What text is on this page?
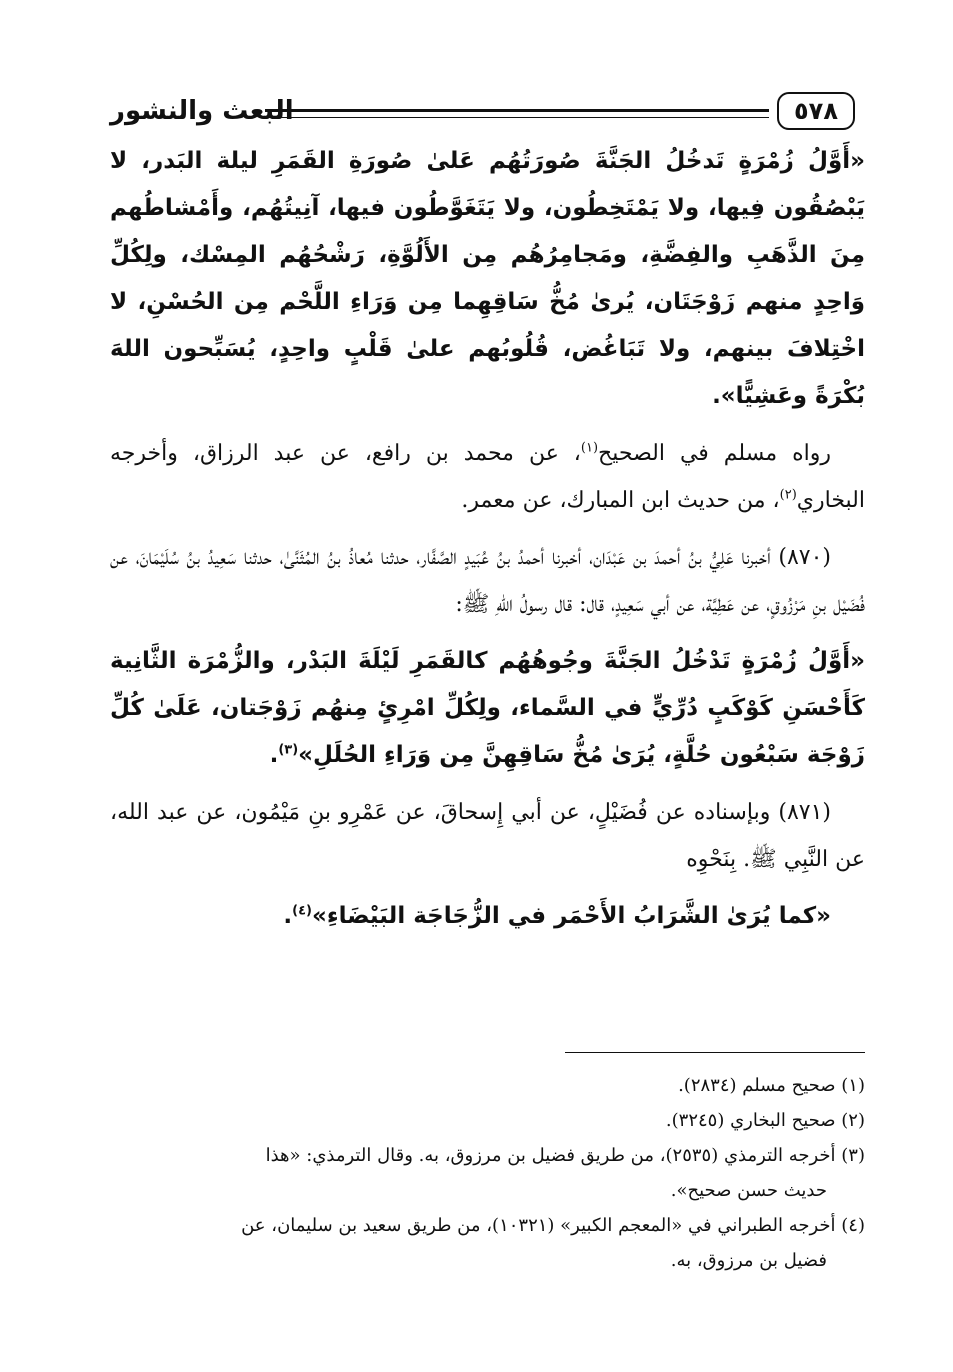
البعث والنشور	٥٧٨

«أَوَّلُ زُمْرَةٍ تَدخُلُ الجَنَّةَ صُورَتُهُم عَلىٰ صُورَةِ القَمَرِ ليلة البَدر، لا يَبْصُقُون فِيها، ولا يَمْتَخِطُون، ولا يَتَغَوَّطُون فيها، آنِيتُهُم، وأَمْشاطُهم مِنَ الذَّهَبِ والفِضَّةِ، ومَجامِرُهُم مِن الأَلُوَّةِ، رَشْحُهُم المِسْك، ولِكُلِّ وَاحِدٍ منهم زَوْجَتَان، يُرىٰ مُخُّ سَاقِهِما مِن وَرَاءِ اللَّحْم مِن الحُسْنِ، لا اخْتِلافَ بينهم، ولا تَبَاغُض، قُلُوبُهم علىٰ قَلْبٍ واحِدٍ، يُسَبِّحون اللهَ بُكْرَةً وعَشِيًّا».

رواه مسلم في الصحيح$^{(١)}$، عن محمد بن رافع، عن عبد الرزاق، وأخرجه البخاري$^{(٢)}$، من حديث ابن المبارك، عن معمر.

(٨٧٠) أخبرنا عَلِيُّ بنُ أحمدَ بن عَبْدَان، أخبرنا أحمدُ بنُ عُبَيدٍ الصَّفَّار، حدثنا مُعاذُ بنُ المُثَنَّىٰ، حدثنا سَعِيدُ بنُ سُلَيْمَانَ، عن فُضَيْل بنِ مَرْزُوقٍ، عن عَطِيَّة، عن أبي سَعِيدٍ، قال: قال رسولُ اللهِ ﷺ:

«أَوَّلُ زُمْرَةٍ تَدْخُلُ الجَنَّةَ وجُوهُهُم كالقَمَرِ لَيْلَةَ البَدْر، والزُّمْرَة الثَّانِية كَأَحْسَنِ كَوْكَبٍ دُرِّيٍّ في السَّماء، ولِكُلِّ امْرِئٍ مِنهُم زَوْجَتان، عَلَىٰ كُلِّ زَوْجَة سَبْعُون حُلَّةٍ، يُرَىٰ مُخُّ سَاقِهِنَّ مِن وَرَاءِ الحُلَلِ»$^{(٣)}$.

(٨٧١) وبإسناده عن فُضَيْلٍ، عن أبي إِسحاقَ، عن عَمْرِو بنِ مَيْمُون، عن عبد الله، عن النَّبِي ﷺ. بِنَحْوِه

«كما يُرَىٰ الشَّرَابُ الأَحْمَر في الزُّجَاجَة البَيْضَاءِ»$^{(٤)}$.

(١) صحيح مسلم (٢٨٣٤).

(٢) صحيح البخاري (٣٢٤٥).

(٣) أخرجه الترمذي (٢٥٣٥)، من طريق فضيل بن مرزوق، به. وقال الترمذي: «هذا
حديث حسن صحيح».

(٤) أخرجه الطبراني في «المعجم الكبير» (١٠٣٢١)، من طريق سعيد بن سليمان، عن
فضيل بن مرزوق، به.
